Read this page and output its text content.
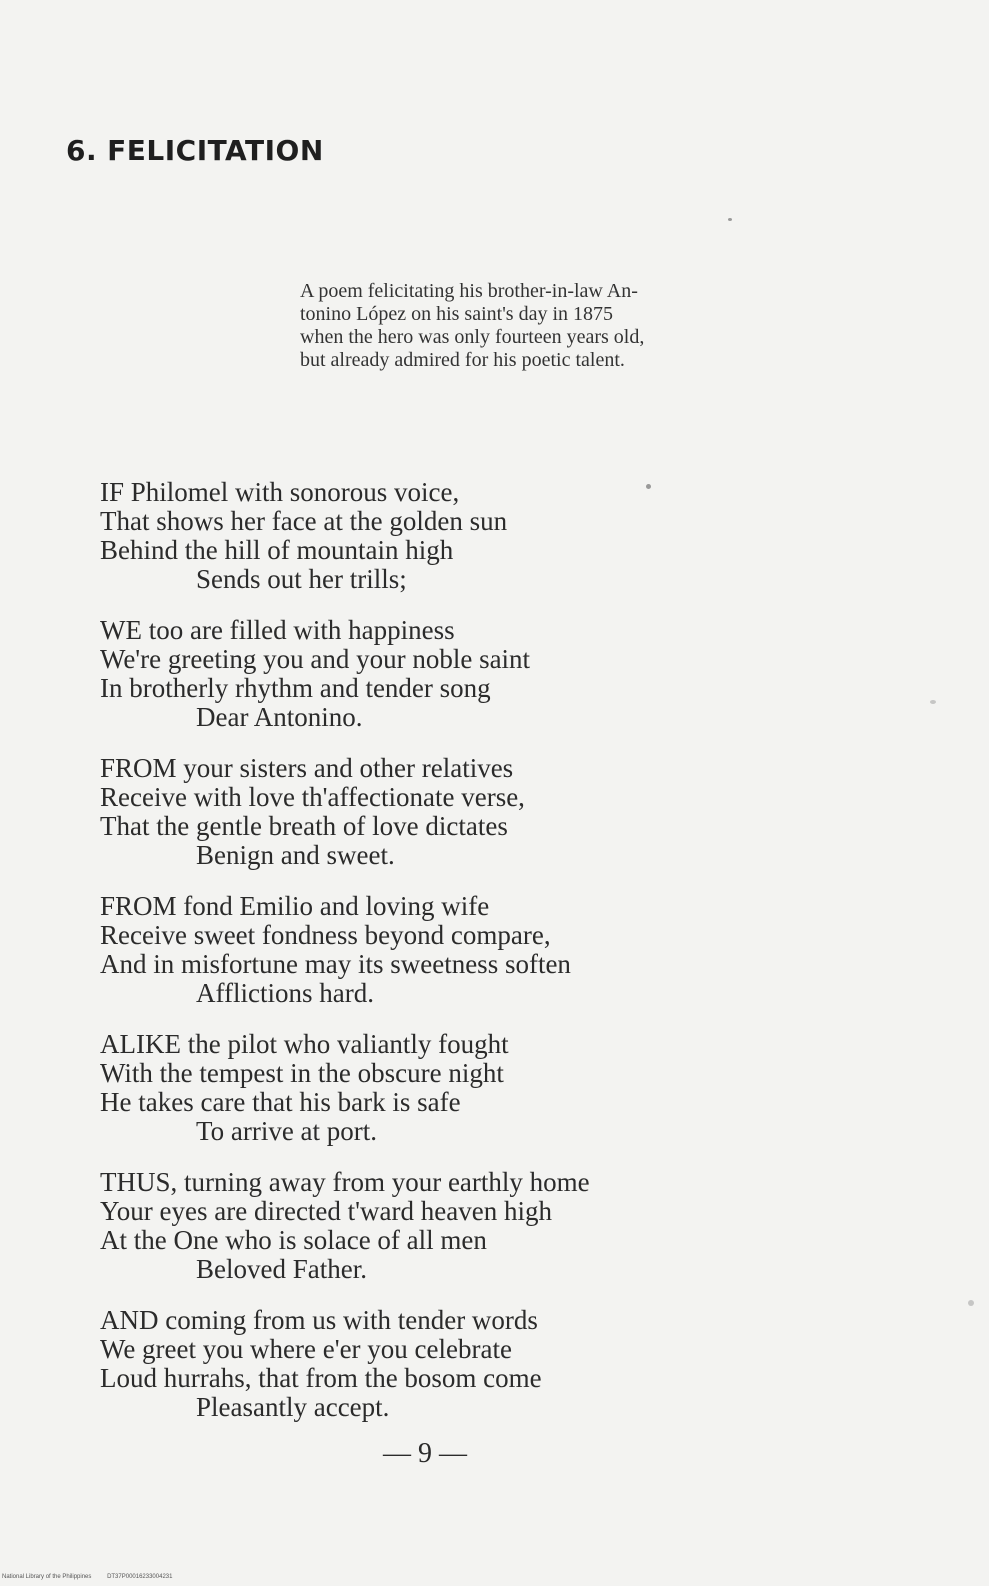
6. FELICITATION
A poem felicitating his brother-in-law An-
tonino López on his saint's day in 1875
when the hero was only fourteen years old,
but already admired for his poetic talent.
IF Philomel with sonorous voice,
That shows her face at the golden sun
Behind the hill of mountain high
Sends out her trills;
WE too are filled with happiness
We're greeting you and your noble saint
In brotherly rhythm and tender song
Dear Antonino.
FROM your sisters and other relatives
Receive with love th'affectionate verse,
That the gentle breath of love dictates
Benign and sweet.
FROM fond Emilio and loving wife
Receive sweet fondness beyond compare,
And in misfortune may its sweetness soften
Afflictions hard.
ALIKE the pilot who valiantly fought
With the tempest in the obscure night
He takes care that his bark is safe
To arrive at port.
THUS, turning away from your earthly home
Your eyes are directed t'ward heaven high
At the One who is solace of all men
Beloved Father.
AND coming from us with tender words
We greet you where e'er you celebrate
Loud hurrahs, that from the bosom come
Pleasantly accept.
— 9 —
National Library of the Philippines	DT37P00016233004231
